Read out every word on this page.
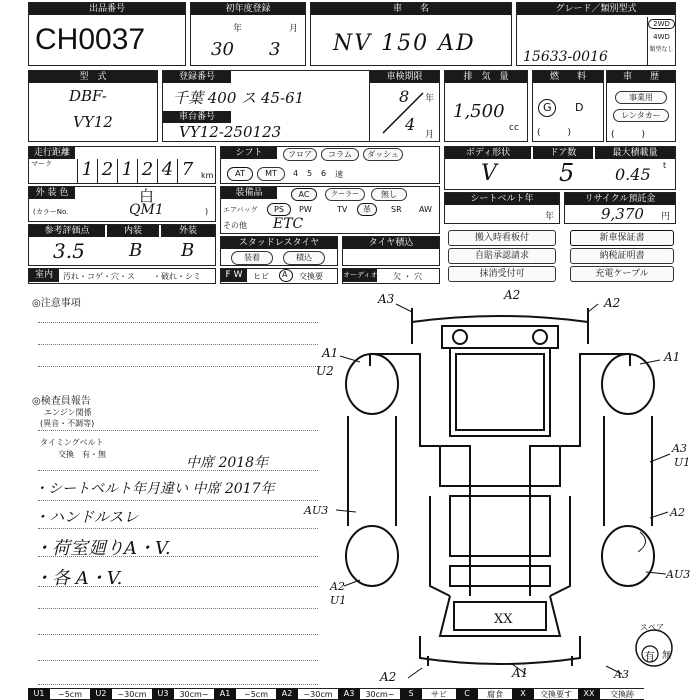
出品番号
CH0037
初年度登録
年	月
30 3
車　　名
NV 150 AD
グレード／類別型式
15633-0016
2WD
4WD
類型なし
型　式
DBF-
VY12
登録番号
千葉 400 ス 45-61
車台番号
VY12-250123
車検期限
8 年
4
月
排　気　量
1,500
cc
燃　　料
G D
(　　　)
車　　歴
事業用
レンタカー
(　　　)
走行距離
マーク 1 2 1 2 4 7 km
シフト	フロア	コラム	ダッシュ
AT	MT	4 5 6 速
ボディ形状	ドア数	最大積載量
V	5	0.45 t
外 装 色	白
(カラーNo.	QM1	)
装備品	AC	クーラー	無し
エアバッグ	PS	PW	TV	革	SR AW
その他 ETC
シートベルト年
年
リサイクル預託金
9,370 円
参考評価点	内装	外装
3.5 B B	スタッドレスタイヤ
装着	積込
タイヤ積込	搬入時看板付	新車保証書
自賠承認請求	納税証明書
抹消受付可	充電ケーブル
室内	汚れ・コゲ・穴・ス ・破れ・シミ	F W	ヒビ A 交換要	オーディオ 欠 ・ 穴
◎注意事項
◎検査員報告
エンジン関係
(異音・不調等)
タイミングベルト
交換　有・無
中席 2018年
・シートベルト年月違い 中席 2017年
・ハンドルスレ
・荷室廻りA・V.
・各 A・V.
A3	A2
A2
A1
U2
A1
A3
U1
AU3	A2
AU3
A2
U1
A2	A1	A3
XX
スペア
有 無
U1	~5cm	U2	~30cm	U3	30cm~	A1	~5cm	A2	~30cm	A3	30cm~	S	サビ	C	腐食	X	交換要す	XX	交換跡
